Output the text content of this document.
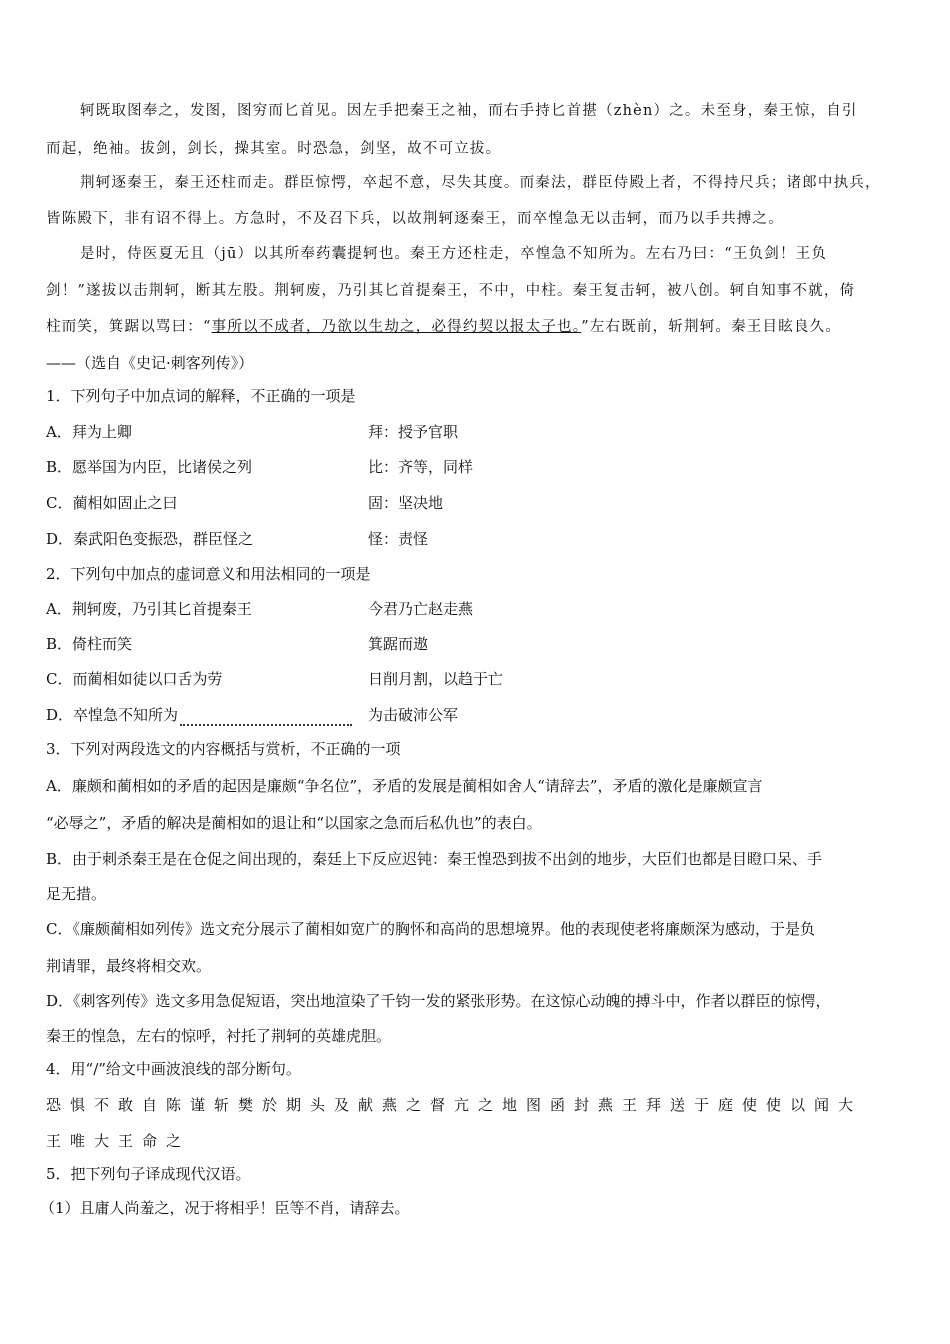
轲既取图奉之，发图，图穷而匕首见。因左手把秦王之袖，而右手持匕首揕（zhèn）之。未至身，秦王惊，自引
而起，绝袖。拔剑，剑长，操其室。时恐急，剑坚，故不可立拔。
荆轲逐秦王，秦王还柱而走。群臣惊愕，卒起不意，尽失其度。而秦法，群臣侍殿上者，不得持尺兵；诸郎中执兵，
皆陈殿下，非有诏不得上。方急时，不及召下兵，以故荆轲逐秦王，而卒惶急无以击轲，而乃以手共搏之。
是时，侍医夏无且（jū）以其所奉药囊提轲也。秦王方还柱走，卒惶急不知所为。左右乃曰：“王负剑！王负
剑！”遂拔以击荆轲，断其左股。荆轲废，乃引其匕首提秦王，不中，中柱。秦王复击轲，被八创。轲自知事不就，倚
柱而笑，箕踞以骂曰：“事所以不成者，乃欲以生劫之，必得约契以报太子也。”左右既前，斩荆轲。秦王目眩良久。
——（选自《史记·刺客列传》）
1．下列句子中加点词的解释，不正确的一项是
A．拜为上卿	拜：授予官职
B．愿举国为内臣，比诸侯之列	比：齐等，同样
C．蔺相如固止之曰	固：坚决地
D．秦武阳色变振恐，群臣怪之	怪：责怪
2．下列句中加点的虚词意义和用法相同的一项是
A．荆轲废，乃引其匕首提秦王	今君乃亡赵走燕
B．倚柱而笑	箕踞而遨
C．而蔺相如徒以口舌为劳	日削月割，以趋于亡
D．卒惶急不知所为	为击破沛公军
3．下列对两段选文的内容概括与赏析，不正确的一项
A．廉颇和蔺相如的矛盾的起因是廉颇“争名位”，矛盾的发展是蔺相如舍人“请辞去”，矛盾的激化是廉颇宣言
“必辱之”，矛盾的解决是蔺相如的退让和“以国家之急而后私仇也”的表白。
B．由于刺杀秦王是在仓促之间出现的，秦廷上下反应迟钝：秦王惶恐到拔不出剑的地步，大臣们也都是目瞪口呆、手
足无措。
C．《廉颇蔺相如列传》选文充分展示了蔺相如宽广的胸怀和高尚的思想境界。他的表现使老将廉颇深为感动，于是负
荆请罪，最终将相交欢。
D．《刺客列传》选文多用急促短语，突出地渲染了千钧一发的紧张形势。在这惊心动魄的搏斗中，作者以群臣的惊愕，
秦王的惶急，左右的惊呼，衬托了荆轲的英雄虎胆。
4．用“/”给文中画波浪线的部分断句。
恐惧不敢自陈谨斩樊於期头及献燕之督亢之地图函封燕王拜送于庭使使以闻大
王唯大王命之
5．把下列句子译成现代汉语。
（1）且庸人尚羞之，况于将相乎！臣等不肖，请辞去。
